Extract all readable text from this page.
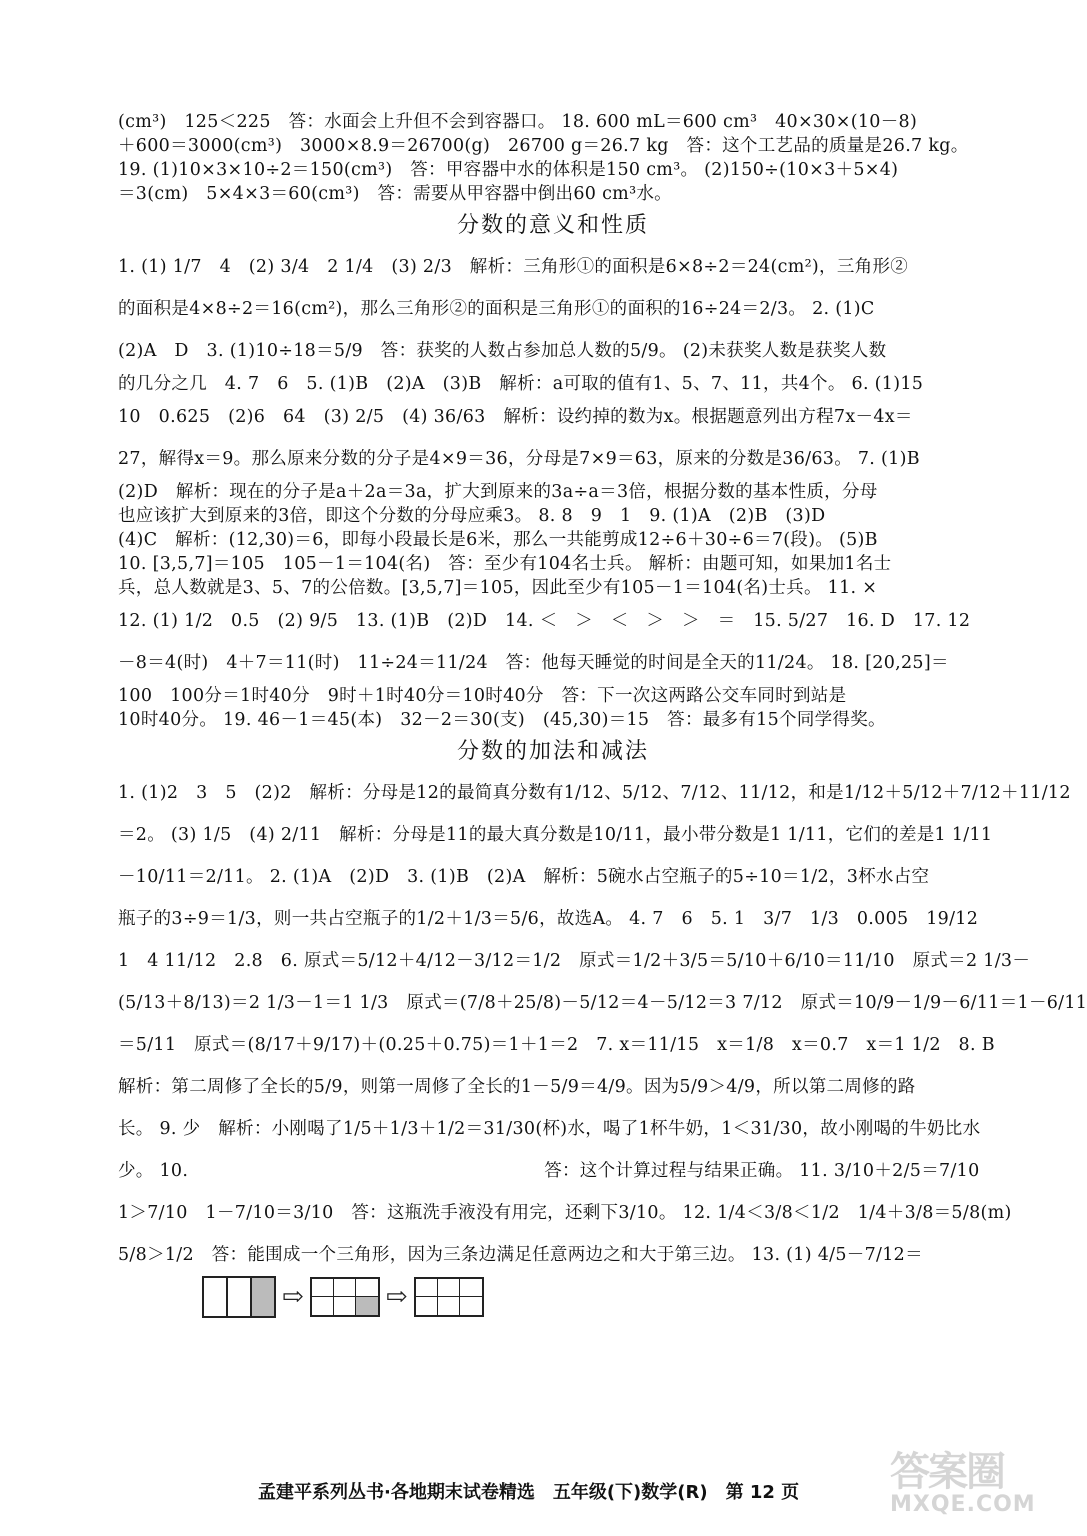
(cm³)　125＜225　答：水面会上升但不会到容器口。 18. 600 mL＝600 cm³　40×30×(10－8)
＋600＝3000(cm³)　3000×8.9＝26700(g)　26700 g＝26.7 kg　答：这个工艺品的质量是26.7 kg。
19. (1)10×3×10÷2＝150(cm³)　答：甲容器中水的体积是150 cm³。 (2)150÷(10×3＋5×4)
＝3(cm)　5×4×3＝60(cm³)　答：需要从甲容器中倒出60 cm³水。
分数的意义和性质
1. (1) 1/7　4　(2) 3/4　2 1/4　(3) 2/3　解析：三角形①的面积是6×8÷2＝24(cm²)，三角形②
的面积是4×8÷2＝16(cm²)，那么三角形②的面积是三角形①的面积的16÷24＝2/3。 2. (1)C
(2)A　D　3. (1)10÷18＝5/9　答：获奖的人数占参加总人数的5/9。 (2)未获奖人数是获奖人数
的几分之几　4. 7　6　5. (1)B　(2)A　(3)B　解析：a可取的值有1、5、7、11，共4个。 6. (1)15
10　0.625　(2)6　64　(3) 2/5　(4) 36/63　解析：设约掉的数为x。根据题意列出方程7x－4x＝
27，解得x＝9。那么原来分数的分子是4×9＝36，分母是7×9＝63，原来的分数是36/63。 7. (1)B
(2)D　解析：现在的分子是a＋2a＝3a，扩大到原来的3a÷a＝3倍，根据分数的基本性质，分母
也应该扩大到原来的3倍，即这个分数的分母应乘3。 8. 8　9　1　9. (1)A　(2)B　(3)D
(4)C　解析：(12,30)＝6，即每小段最长是6米，那么一共能剪成12÷6＋30÷6＝7(段)。 (5)B
10. [3,5,7]＝105　105－1＝104(名)　答：至少有104名士兵。 解析：由题可知，如果加1名士
兵，总人数就是3、5、7的公倍数。[3,5,7]＝105，因此至少有105－1＝104(名)士兵。 11. ×
12. (1) 1/2　0.5　(2) 9/5　13. (1)B　(2)D　14. ＜　＞　＜　＞　＞　＝　15. 5/27　16. D　17. 12
－8＝4(时)　4＋7＝11(时)　11÷24＝11/24　答：他每天睡觉的时间是全天的11/24。 18. [20,25]＝
100　100分＝1时40分　9时＋1时40分＝10时40分　答：下一次这两路公交车同时到站是
10时40分。 19. 46－1＝45(本)　32－2＝30(支)　(45,30)＝15　答：最多有15个同学得奖。
分数的加法和减法
1. (1)2　3　5　(2)2　解析：分母是12的最简真分数有1/12、5/12、7/12、11/12，和是1/12＋5/12＋7/12＋11/12
＝2。 (3) 1/5　(4) 2/11　解析：分母是11的最大真分数是10/11，最小带分数是1 1/11，它们的差是1 1/11
－10/11＝2/11。 2. (1)A　(2)D　3. (1)B　(2)A　解析：5碗水占空瓶子的5÷10＝1/2，3杯水占空
瓶子的3÷9＝1/3，则一共占空瓶子的1/2＋1/3＝5/6，故选A。 4. 7　6　5. 1　3/7　1/3　0.005　19/12
1　4 11/12　2.8　6. 原式＝5/12＋4/12－3/12＝1/2　原式＝1/2＋3/5＝5/10＋6/10＝11/10　原式＝2 1/3－
(5/13＋8/13)＝2 1/3－1＝1 1/3　原式＝(7/8＋25/8)－5/12＝4－5/12＝3 7/12　原式＝10/9－1/9－6/11＝1－6/11
＝5/11　原式＝(8/17＋9/17)＋(0.25＋0.75)＝1＋1＝2　7. x＝11/15　x＝1/8　x＝0.7　x＝1 1/2　8. B
解析：第二周修了全长的5/9，则第一周修了全长的1－5/9＝4/9。因为5/9＞4/9，所以第二周修的路
长。 9. 少　解析：小刚喝了1/5＋1/3＋1/2＝31/30(杯)水，喝了1杯牛奶，1＜31/30，故小刚喝的牛奶比水
少。 10.　　　　　　　　　　　　　　　　　　　　答：这个计算过程与结果正确。 11. 3/10＋2/5＝7/10
1＞7/10　1－7/10＝3/10　答：这瓶洗手液没有用完，还剩下3/10。 12. 1/4＜3/8＜1/2　1/4＋3/8＝5/8(m)
5/8＞1/2　答：能围成一个三角形，因为三条边满足任意两边之和大于第三边。 13. (1) 4/5－7/12＝
⇨	⇨
孟建平系列丛书·各地期末试卷精选　五年级(下)数学(R)　第 12 页 答案圈
MXQE.COM
